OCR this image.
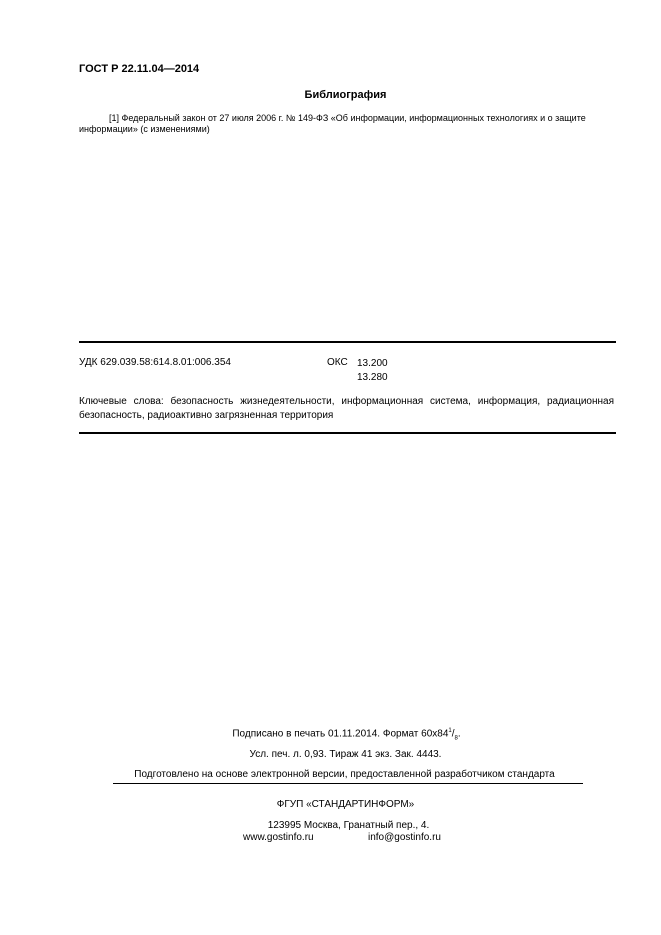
ГОСТ Р 22.11.04—2014
Библиография
[1] Федеральный закон от 27 июля 2006 г. № 149-ФЗ «Об информации, информационных технологиях и о защите информации» (с изменениями)
УДК 629.039.58:614.8.01:006.354	ОКС 13.200
13.280
Ключевые слова: безопасность жизнедеятельности, информационная система, информация, радиационная безопасность, радиоактивно загрязненная территория
Подписано в печать 01.11.2014. Формат $60х84^1/_8$.
Усл. печ. л. 0,93. Тираж 41 экз. Зак. 4443.
Подготовлено на основе электронной версии, предоставленной разработчиком стандарта
ФГУП «СТАНДАРТИНФОРМ»
123995 Москва, Гранатный пер., 4.
www.gostinfo.ru	info@gostinfo.ru
